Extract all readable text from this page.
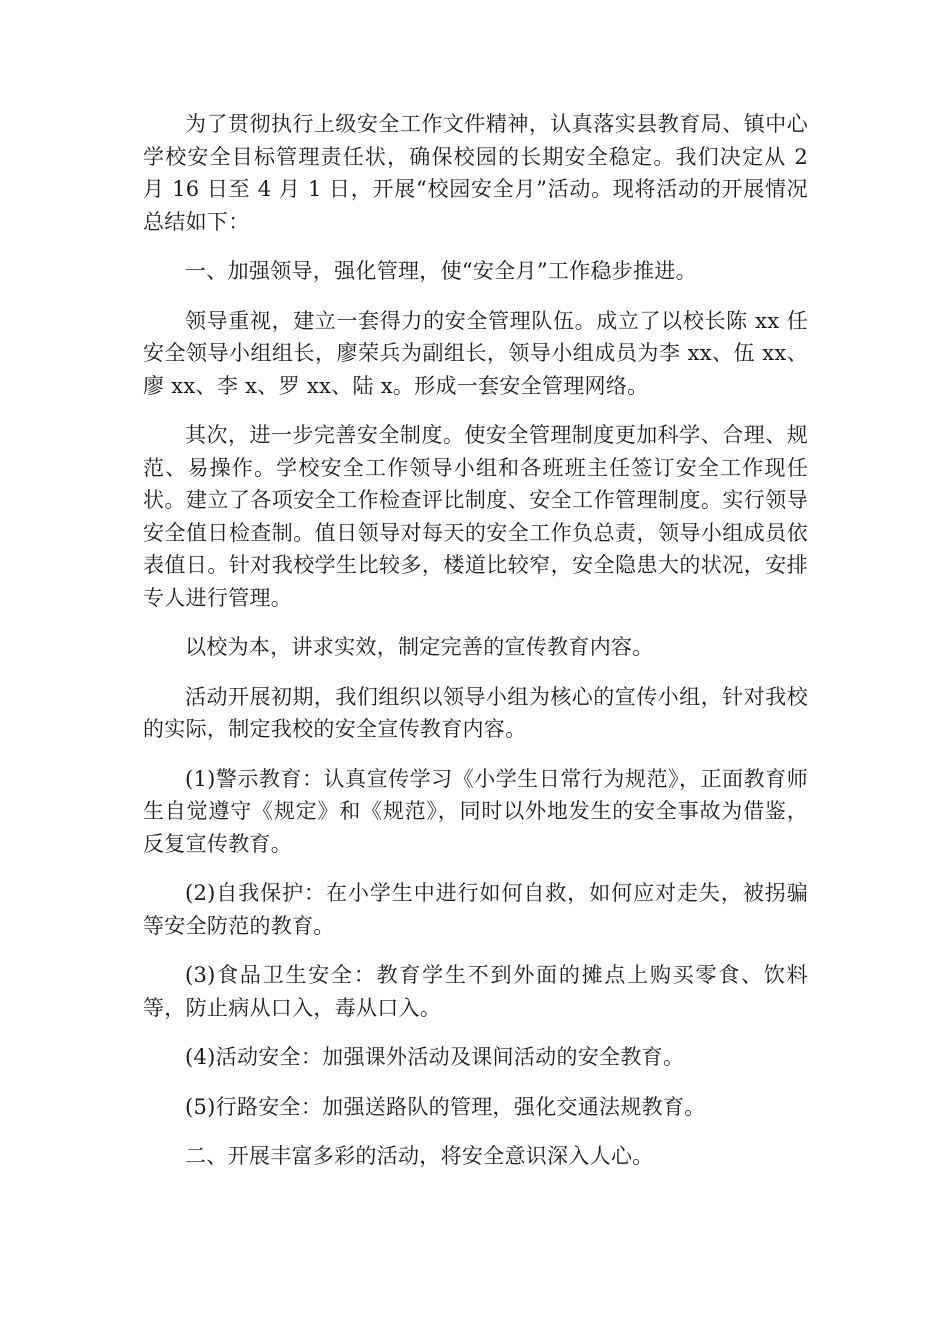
为了贯彻执行上级安全工作文件精神，认真落实县教育局、镇中心学校安全目标管理责任状，确保校园的长期安全稳定。我们决定从 2 月 16 日至 4 月 1 日，开展“校园安全月”活动。现将活动的开展情况总结如下：

一、加强领导，强化管理，使“安全月”工作稳步推进。

领导重视，建立一套得力的安全管理队伍。成立了以校长陈 xx 任安全领导小组组长，廖荣兵为副组长，领导小组成员为李 xx、伍 xx、廖 xx、李 x、罗 xx、陆 x。形成一套安全管理网络。

其次，进一步完善安全制度。使安全管理制度更加科学、合理、规范、易操作。学校安全工作领导小组和各班班主任签订安全工作现任状。建立了各项安全工作检查评比制度、安全工作管理制度。实行领导安全值日检查制。值日领导对每天的安全工作负总责，领导小组成员依表值日。针对我校学生比较多，楼道比较窄，安全隐患大的状况，安排专人进行管理。

以校为本，讲求实效，制定完善的宣传教育内容。

活动开展初期，我们组织以领导小组为核心的宣传小组，针对我校的实际，制定我校的安全宣传教育内容。

(1)警示教育：认真宣传学习《小学生日常行为规范》，正面教育师生自觉遵守《规定》和《规范》，同时以外地发生的安全事故为借鉴，反复宣传教育。

(2)自我保护：在小学生中进行如何自救，如何应对走失，被拐骗等安全防范的教育。

(3)食品卫生安全：教育学生不到外面的摊点上购买零食、饮料等，防止病从口入，毒从口入。

(4)活动安全：加强课外活动及课间活动的安全教育。

(5)行路安全：加强送路队的管理，强化交通法规教育。

二、开展丰富多彩的活动，将安全意识深入人心。
